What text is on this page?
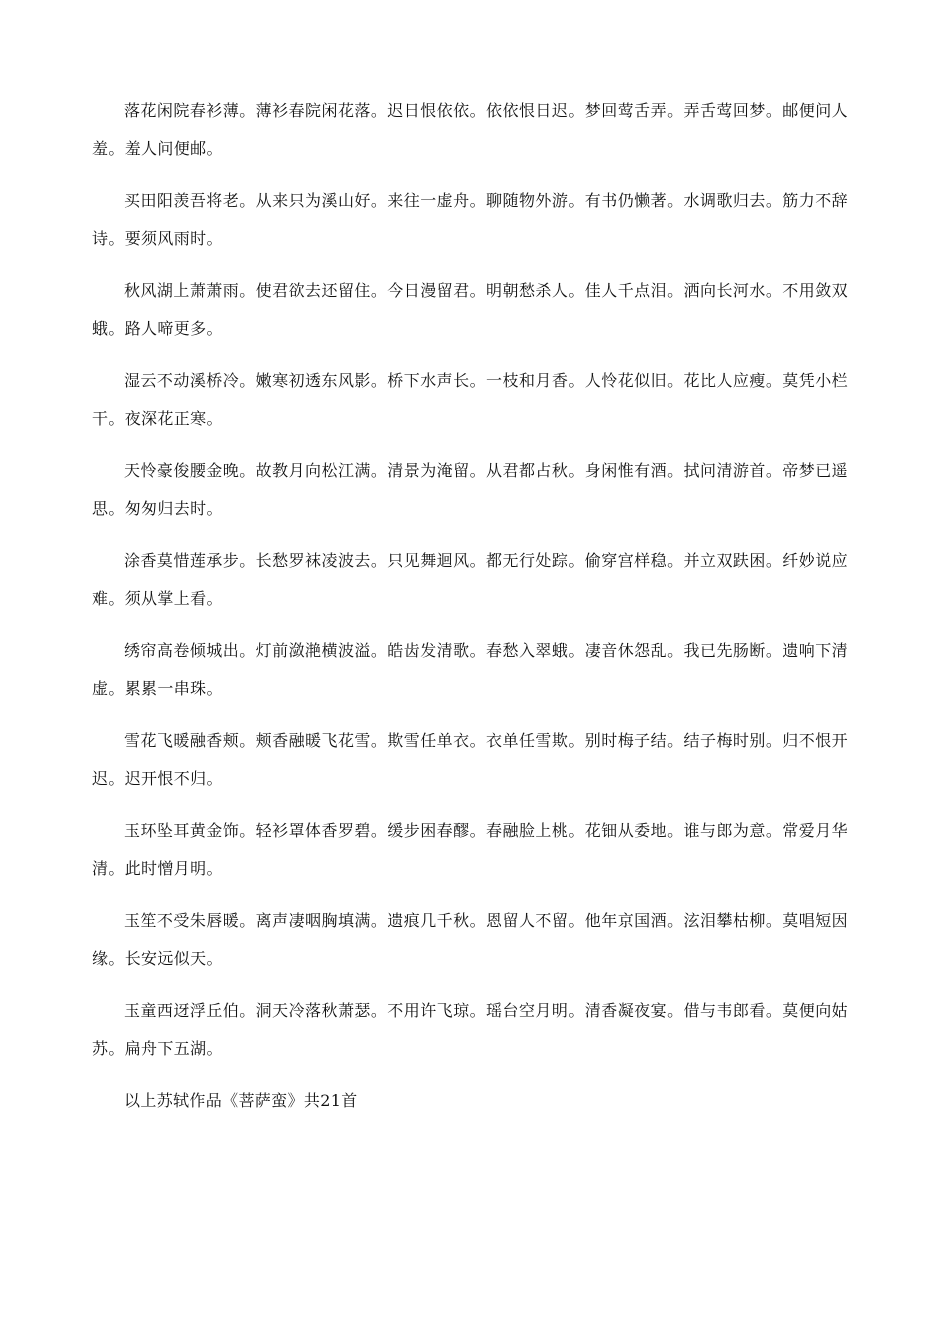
落花闲院春衫薄。薄衫春院闲花落。迟日恨依依。依依恨日迟。梦回莺舌弄。弄舌莺回梦。邮便问人羞。羞人问便邮。

买田阳羡吾将老。从来只为溪山好。来往一虚舟。聊随物外游。有书仍懒著。水调歌归去。筋力不辞诗。要须风雨时。

秋风湖上萧萧雨。使君欲去还留住。今日漫留君。明朝愁杀人。佳人千点泪。洒向长河水。不用敛双蛾。路人啼更多。

湿云不动溪桥冷。嫩寒初透东风影。桥下水声长。一枝和月香。人怜花似旧。花比人应瘦。莫凭小栏干。夜深花正寒。

天怜豪俊腰金晚。故教月向松江满。清景为淹留。从君都占秋。身闲惟有酒。拭问清游首。帝梦已遥思。匆匆归去时。

涂香莫惜莲承步。长愁罗袜凌波去。只见舞迴风。都无行处踪。偷穿宫样稳。并立双趺困。纤妙说应难。须从掌上看。

绣帘高卷倾城出。灯前潋滟横波溢。皓齿发清歌。春愁入翠蛾。凄音休怨乱。我已先肠断。遗响下清虚。累累一串珠。

雪花飞暖融香颊。颊香融暖飞花雪。欺雪任单衣。衣单任雪欺。别时梅子结。结子梅时别。归不恨开迟。迟开恨不归。

玉环坠耳黄金饰。轻衫罩体香罗碧。缓步困春醪。春融脸上桃。花钿从委地。谁与郎为意。常爱月华清。此时憎月明。

玉笙不受朱唇暖。离声凄咽胸填满。遗痕几千秋。恩留人不留。他年京国酒。泫泪攀枯柳。莫唱短因缘。长安远似天。

玉童西迓浮丘伯。洞天冷落秋萧瑟。不用许飞琼。瑶台空月明。清香凝夜宴。借与韦郎看。莫便向姑苏。扁舟下五湖。

以上苏轼作品《菩萨蛮》共21首
